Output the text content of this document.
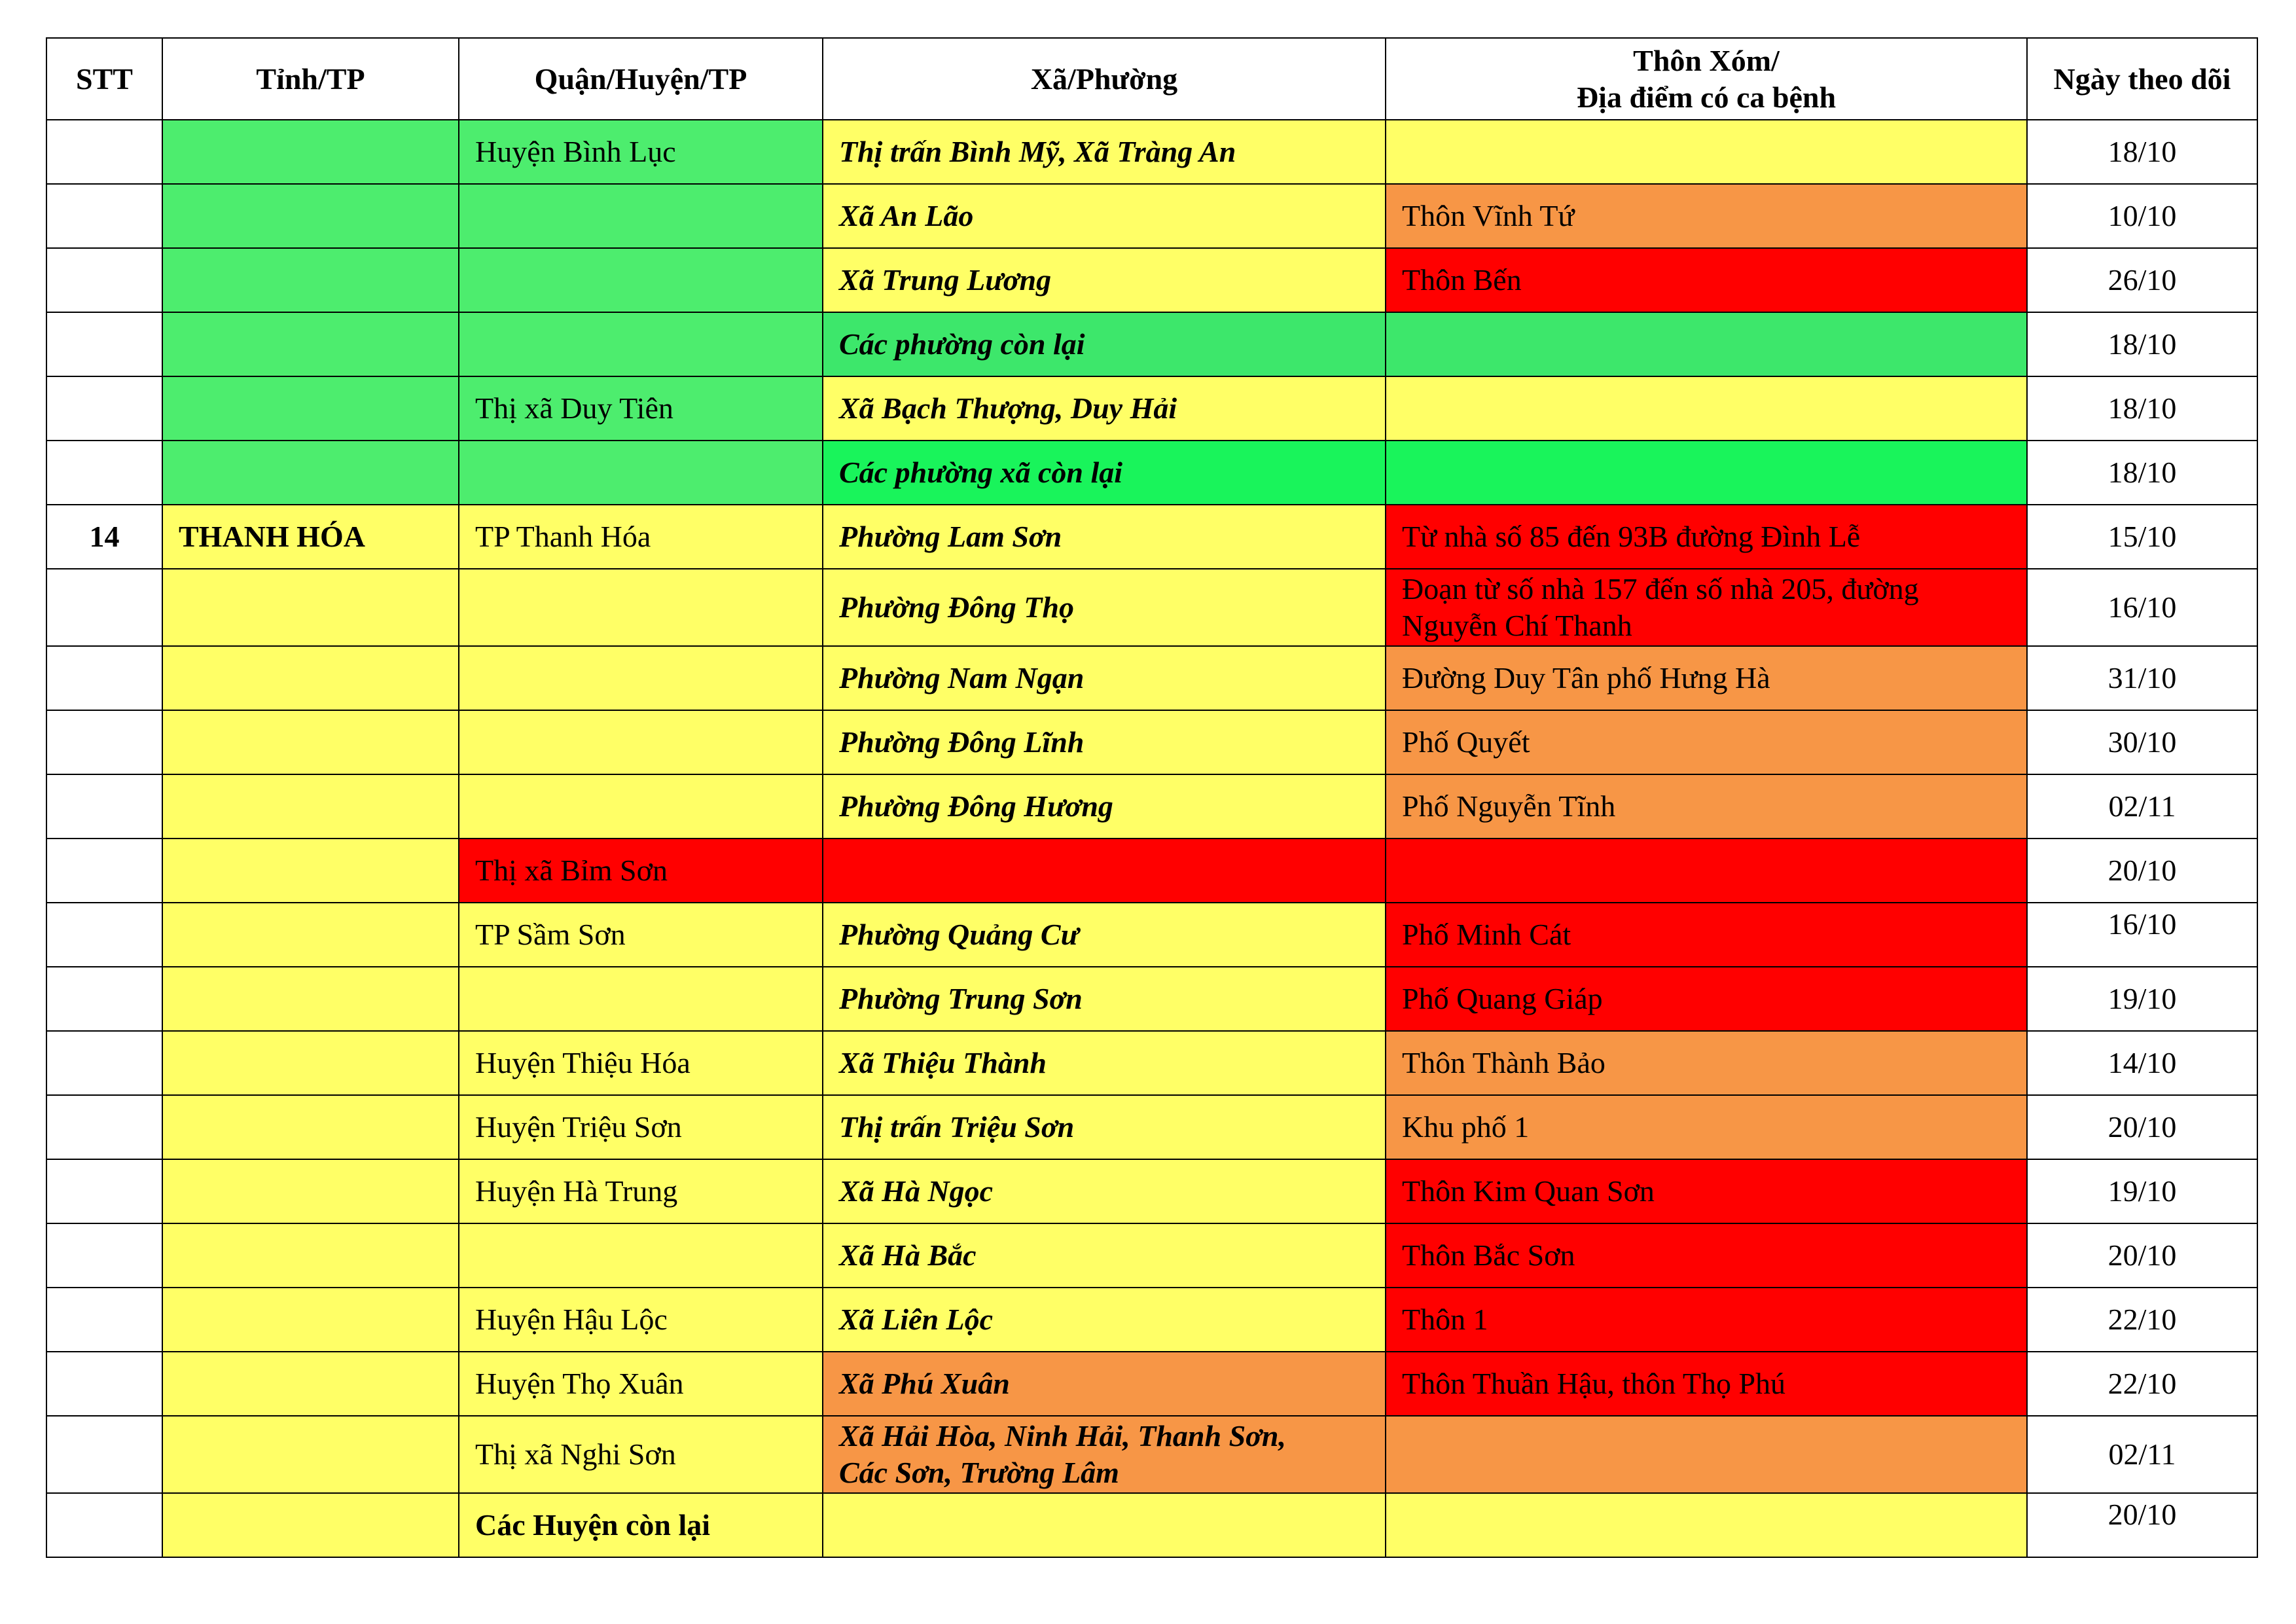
STT	Tỉnh/TP	Quận/Huyện/TP	Xã/Phường	Thôn Xóm/
Địa điểm có ca bệnh	Ngày theo dõi
		Huyện Bình Lục	Thị trấn Bình Mỹ, Xã Tràng An		18/10
			Xã An Lão	Thôn Vĩnh Tứ	10/10
			Xã Trung Lương	Thôn Bến	26/10
			Các phường còn lại		18/10
		Thị xã Duy Tiên	Xã Bạch Thượng, Duy Hải		18/10
			Các phường xã còn lại		18/10
14	THANH HÓA	TP Thanh Hóa	Phường Lam Sơn	Từ nhà số 85 đến 93B đường Đình Lễ	15/10
			Phường Đông Thọ	Đoạn từ số nhà 157 đến số nhà 205, đường
Nguyễn Chí Thanh	16/10
			Phường Nam Ngạn	Đường Duy Tân phố Hưng Hà	31/10
			Phường Đông Lĩnh	Phố Quyết	30/10
			Phường Đông Hương	Phố Nguyễn Tĩnh	02/11
		Thị xã Bỉm Sơn			20/10
		TP Sầm Sơn	Phường Quảng Cư	Phố Minh Cát	16/10
			Phường Trung Sơn	Phố Quang Giáp	19/10
		Huyện Thiệu Hóa	Xã Thiệu Thành	Thôn Thành Bảo	14/10
		Huyện Triệu Sơn	Thị trấn Triệu Sơn	Khu phố 1	20/10
		Huyện Hà Trung	Xã Hà Ngọc	Thôn Kim Quan Sơn	19/10
			Xã Hà Bắc	Thôn Bắc Sơn	20/10
		Huyện Hậu Lộc	Xã Liên Lộc	Thôn 1	22/10
		Huyện Thọ Xuân	Xã Phú Xuân	Thôn Thuần Hậu, thôn Thọ Phú	22/10
		Thị xã Nghi Sơn	Xã Hải Hòa, Ninh Hải, Thanh Sơn,
Các Sơn, Trường Lâm		02/11
		Các Huyện còn lại			20/10
